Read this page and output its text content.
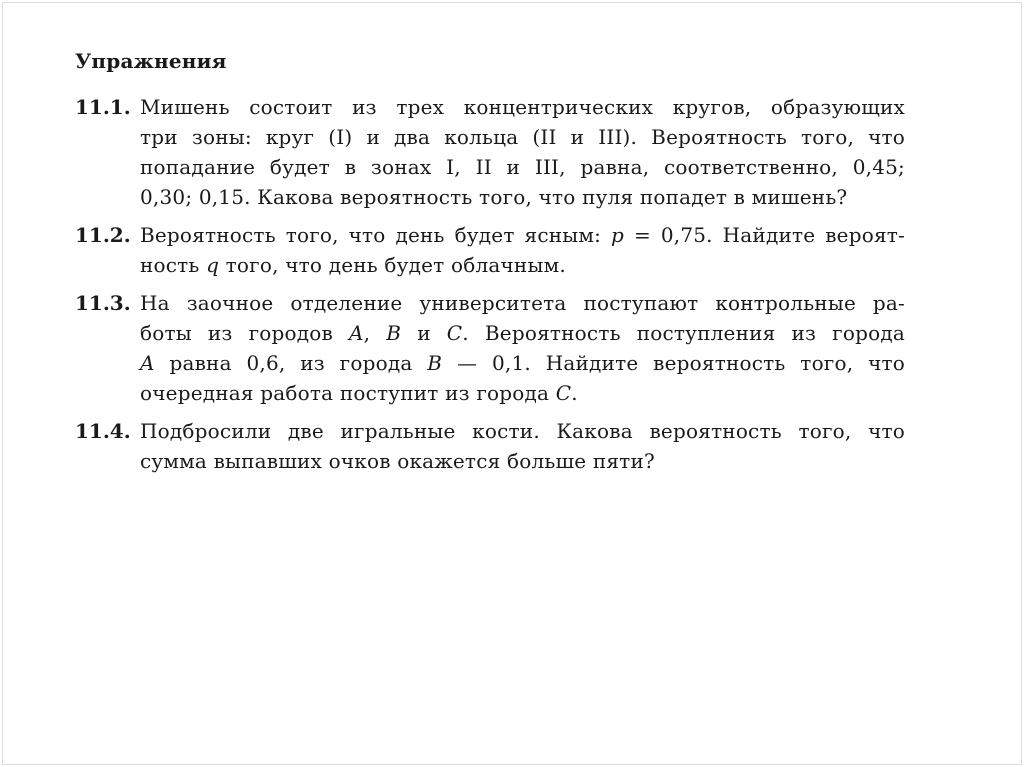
Упражнения
11.1. Мишень состоит из трех концентрических кругов, образующих
три зоны: круг (I) и два кольца (II и III). Вероятность того, что
попадание будет в зонах I, II и III, равна, соответственно, 0,45;
0,30; 0,15. Какова вероятность того, что пуля попадет в мишень?
11.2. Вероятность того, что день будет ясным: p = 0,75. Найдите вероят-
ность q того, что день будет облачным.
11.3. На заочное отделение университета поступают контрольные ра-
боты из городов A, B и C. Вероятность поступления из города
A равна 0,6, из города B — 0,1. Найдите вероятность того, что
очередная работа поступит из города C.
11.4. Подбросили две игральные кости. Какова вероятность того, что
сумма выпавших очков окажется больше пяти?
